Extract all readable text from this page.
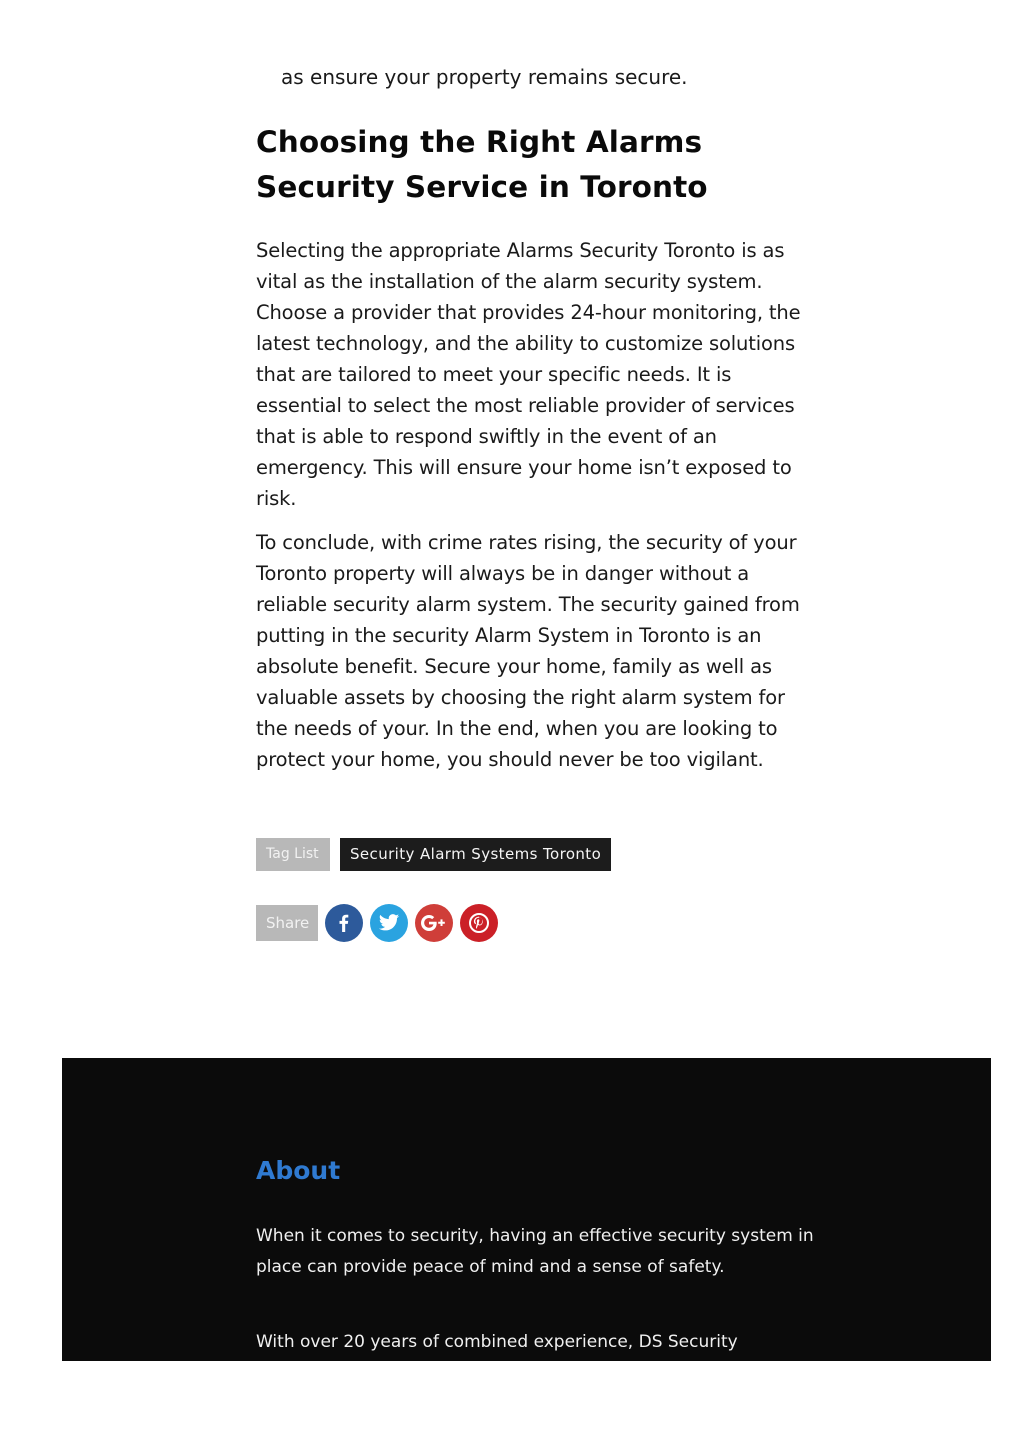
as ensure your property remains secure.
Choosing the Right Alarms Security Service in Toronto

Selecting the appropriate Alarms Security Toronto is as vital as the installation of the alarm security system. Choose a provider that provides 24-hour monitoring, the latest technology, and the ability to customize solutions that are tailored to meet your specific needs. It is essential to select the most reliable provider of services that is able to respond swiftly in the event of an emergency. This will ensure your home isn’t exposed to risk.

To conclude, with crime rates rising, the security of your Toronto property will always be in danger without a reliable security alarm system. The security gained from putting in the security Alarm System in Toronto is an absolute benefit. Secure your home, family as well as valuable assets by choosing the right alarm system for the needs of your. In the end, when you are looking to protect your home, you should never be too vigilant.

Tag List	Security Alarm Systems Toronto
Share
About

When it comes to security, having an effective security system in place can provide peace of mind and a sense of safety.

With over 20 years of combined experience, DS Security
